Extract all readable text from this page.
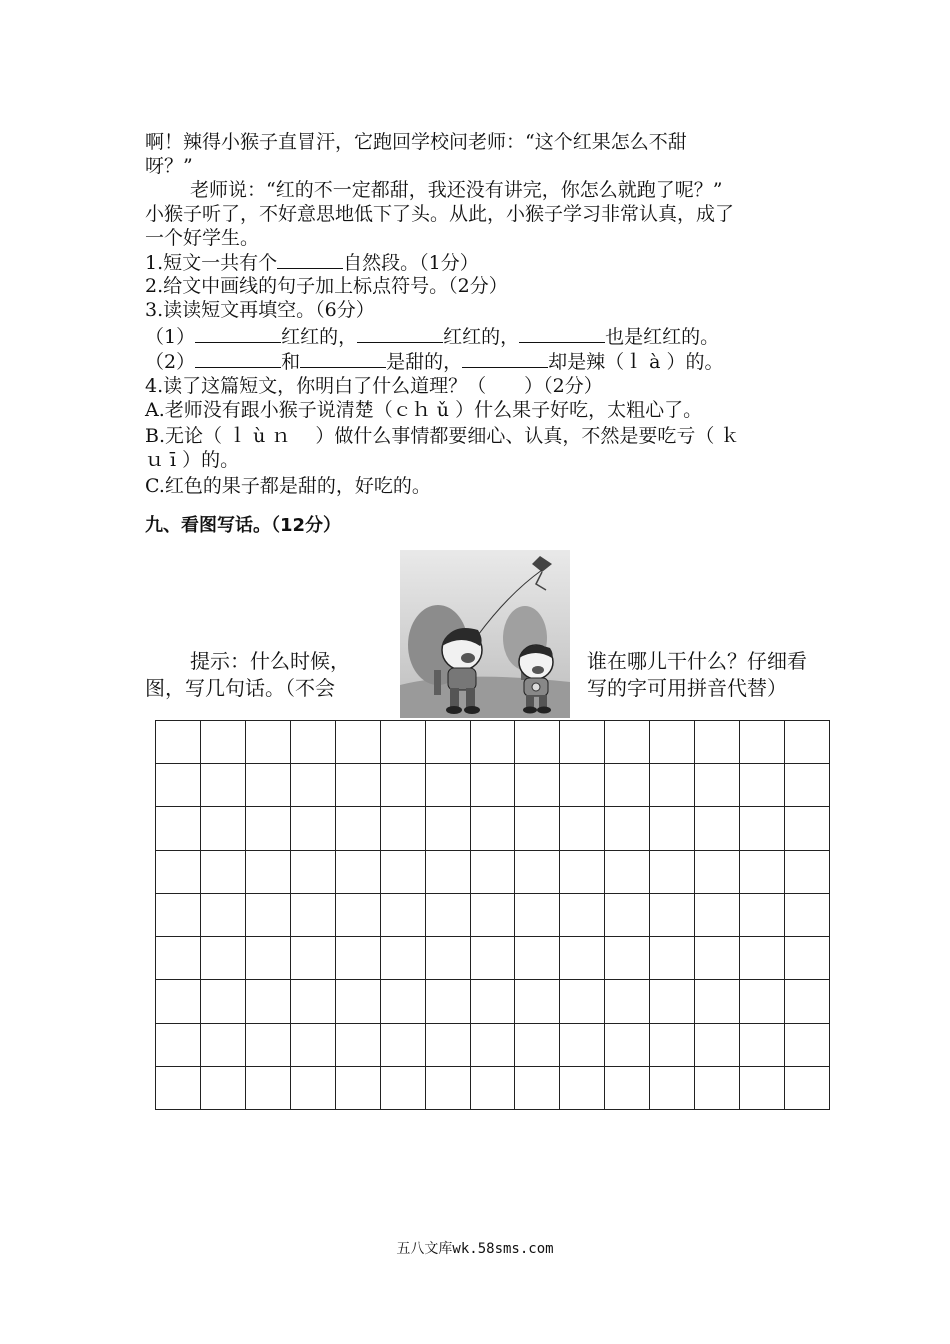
啊！辣得小猴子直冒汗，它跑回学校问老师：“这个红果怎么不甜
呀？”
老师说：“红的不一定都甜，我还没有讲完，你怎么就跑了呢？”
小猴子听了，不好意思地低下了头。从此，小猴子学习非常认真，成了
一个好学生。
1.短文一共有个	自然段。（1分）
2.给文中画线的句子加上标点符号。（2分）
3.读读短文再填空。（6分）
（1）	红红的，	红红的，	也是红红的。
（2）	和	是甜的，	却是辣（ｌ à ）的。
4.读了这篇短文，你明白了什么道理？（　　）（2分）
A.老师没有跟小猴子说清楚（ｃｈ ǔ ）什么果子好吃，太粗心了。
B.无论（ ｌ ù ｎ　 ）做什么事情都要细心、认真，不然是要吃亏（ ｋ
ｕ ī ）的。
C.红色的果子都是甜的，好吃的。
九、看图写话。（12分）
提示：什么时候，
图，写几句话。（不会
谁在哪儿干什么？仔细看
写的字可用拼音代替）
五八文库wk.58sms.com
